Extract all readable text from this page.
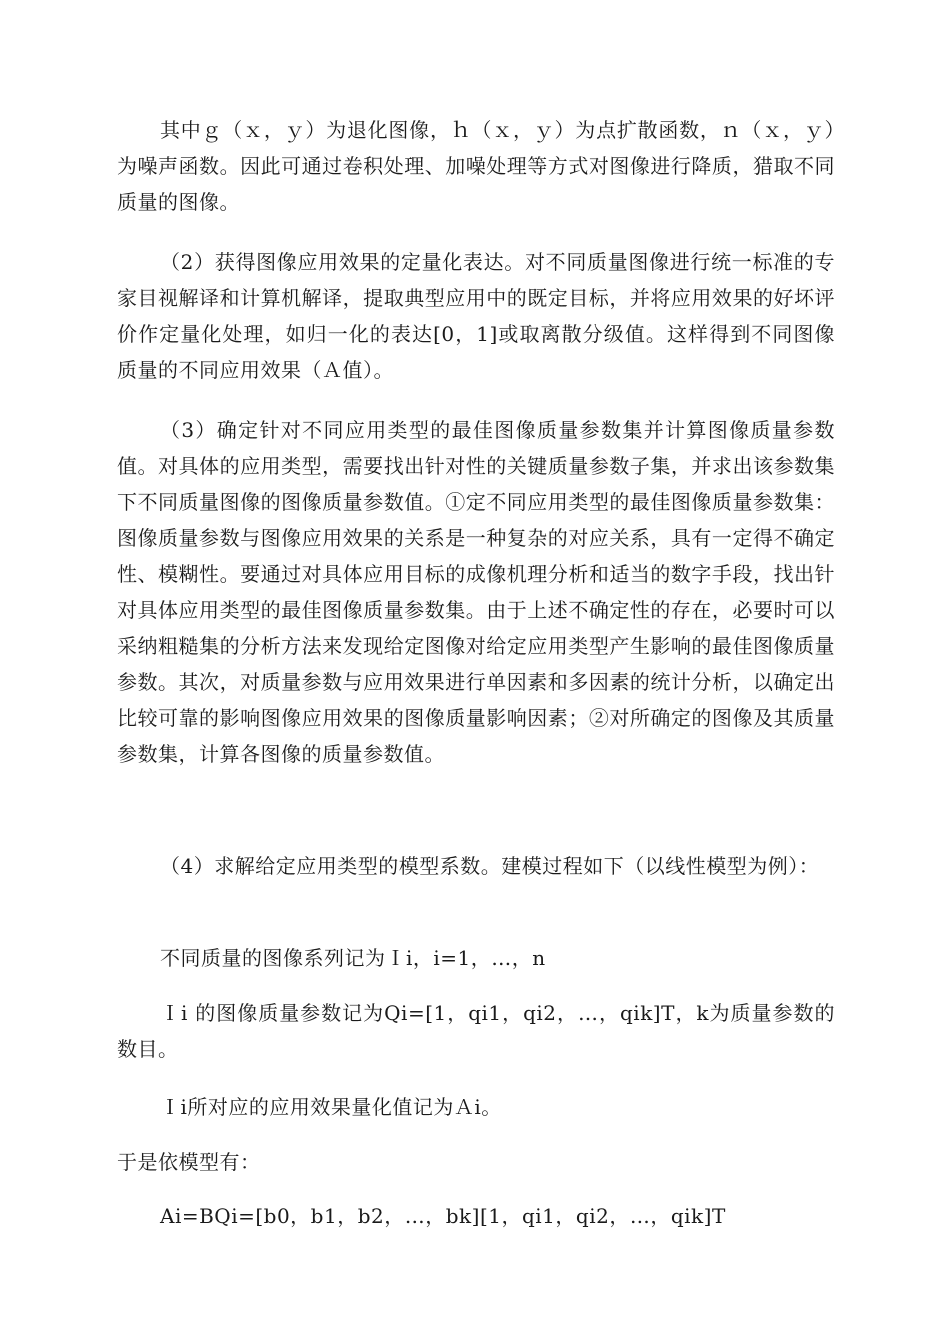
其中ｇ（ｘ，ｙ）为退化图像，ｈ（ｘ，ｙ）为点扩散函数，ｎ（ｘ，ｙ）为噪声函数。因此可通过卷积处理、加噪处理等方式对图像进行降质，猎取不同质量的图像。

（2）获得图像应用效果的定量化表达。对不同质量图像进行统一标准的专家目视解译和计算机解译，提取典型应用中的既定目标，并将应用效果的好坏评价作定量化处理，如归一化的表达[0，1]或取离散分级值。这样得到不同图像质量的不同应用效果（Ａ值）。

（3）确定针对不同应用类型的最佳图像质量参数集并计算图像质量参数值。对具体的应用类型，需要找出针对性的关键质量参数子集，并求出该参数集下不同质量图像的图像质量参数值。①定不同应用类型的最佳图像质量参数集：图像质量参数与图像应用效果的关系是一种复杂的对应关系，具有一定得不确定性、模糊性。要通过对具体应用目标的成像机理分析和适当的数字手段，找出针对具体应用类型的最佳图像质量参数集。由于上述不确定性的存在，必要时可以采纳粗糙集的分析方法来发现给定图像对给定应用类型产生影响的最佳图像质量参数。其次，对质量参数与应用效果进行单因素和多因素的统计分析，以确定出比较可靠的影响图像应用效果的图像质量影响因素；②对所确定的图像及其质量参数集，计算各图像的质量参数值。

（4）求解给定应用类型的模型系数。建模过程如下（以线性模型为例）：

不同质量的图像系列记为Ｉi，i=1，…，n

Ｉi 的图像质量参数记为Qi=[1，qi1，qi2，…，qik]T，k为质量参数的数目。

Ｉi所对应的应用效果量化值记为Ａi。

于是依模型有：

Ai=BQi=[b0，b1，b2，…，bk][1，qi1，qi2，…，qik]T
